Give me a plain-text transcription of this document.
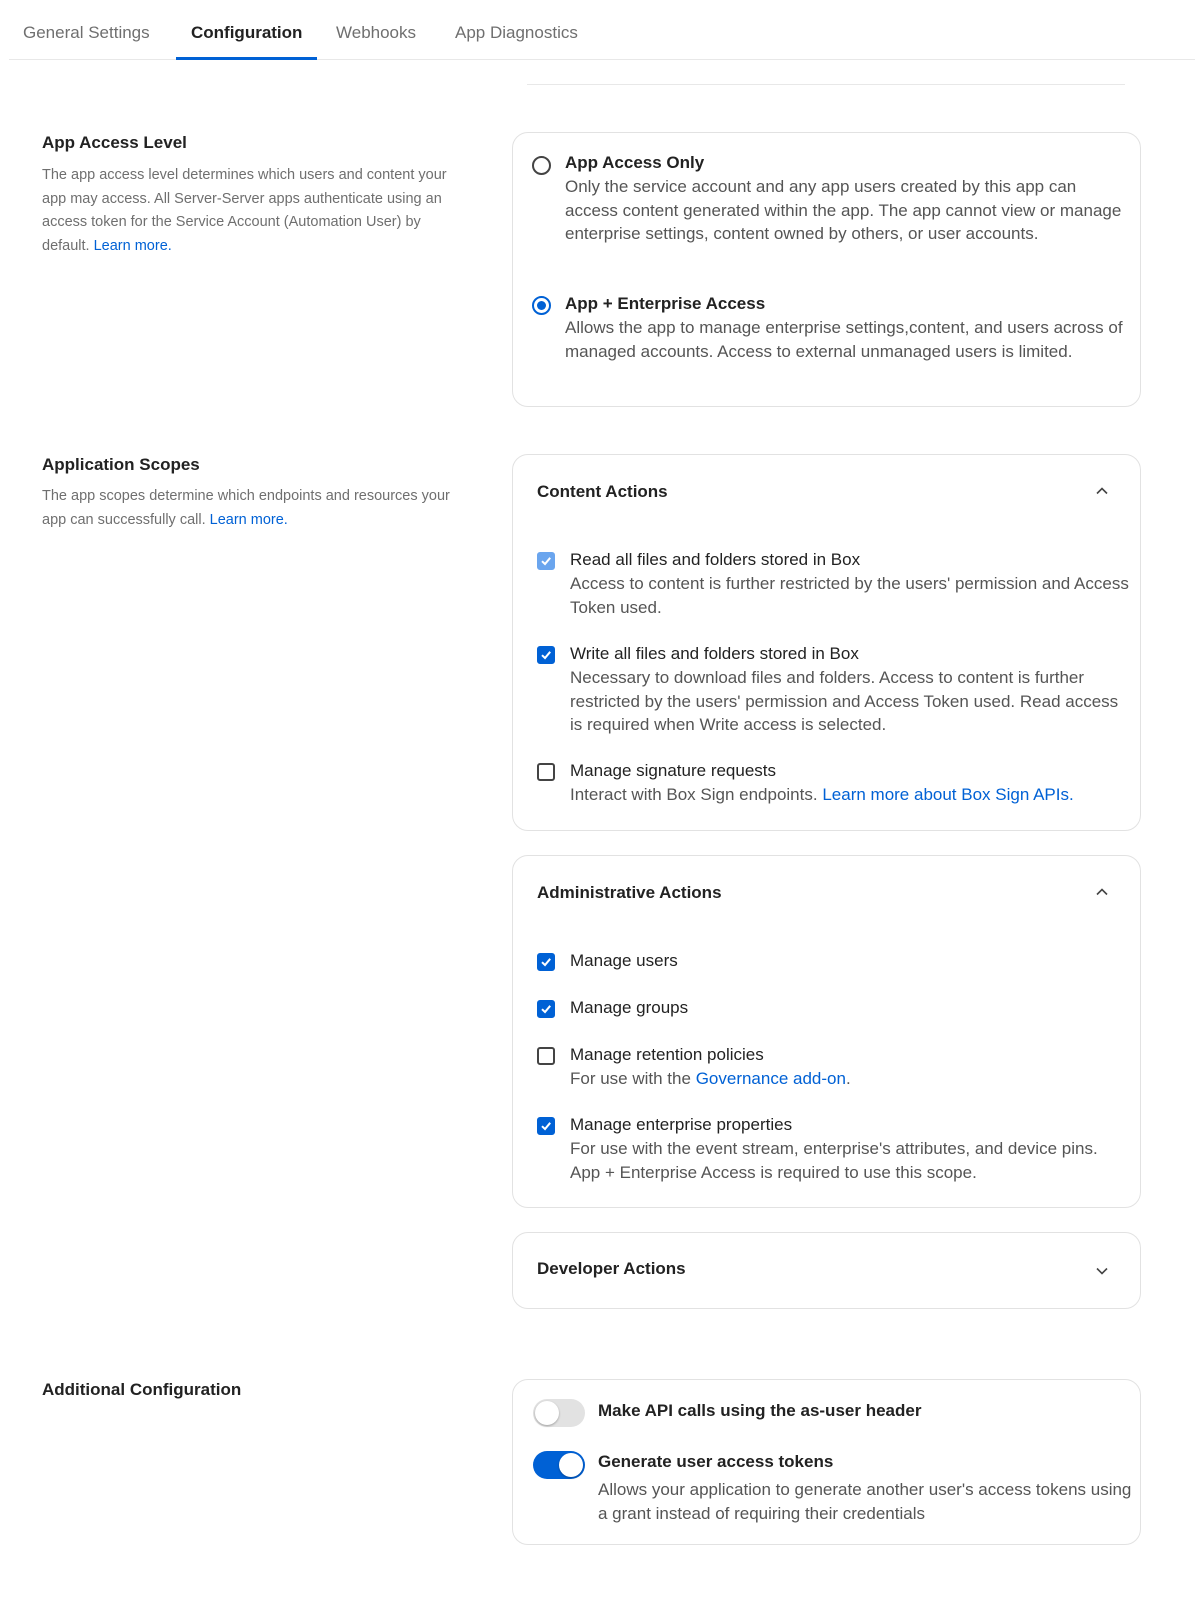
General Settings Configuration Webhooks App Diagnostics
App Access Level
The app access level determines which users and content your app may access. All Server-Server apps authenticate using an access token for the Service Account (Automation User) by default. Learn more.
App Access Only
Only the service account and any app users created by this app can access content generated within the app. The app cannot view or manage enterprise settings, content owned by others, or user accounts.
App + Enterprise Access
Allows the app to manage enterprise settings,content, and users across of managed accounts. Access to external unmanaged users is limited.
Application Scopes
The app scopes determine which endpoints and resources your app can successfully call. Learn more.
Content Actions
Read all files and folders stored in Box
Access to content is further restricted by the users' permission and Access Token used.
Write all files and folders stored in Box
Necessary to download files and folders. Access to content is further restricted by the users' permission and Access Token used. Read access is required when Write access is selected.
Manage signature requests
Interact with Box Sign endpoints. Learn more about Box Sign APIs.
Administrative Actions
Manage users
Manage groups
Manage retention policies
For use with the Governance add-on.
Manage enterprise properties
For use with the event stream, enterprise's attributes, and device pins. App + Enterprise Access is required to use this scope.
Developer Actions
Additional Configuration
Make API calls using the as-user header
Generate user access tokens
Allows your application to generate another user's access tokens using a grant instead of requiring their credentials
